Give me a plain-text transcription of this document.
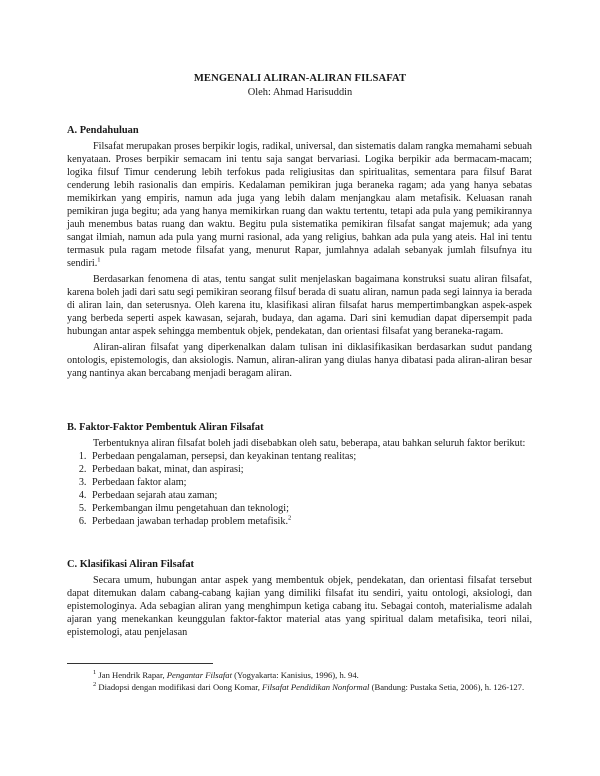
MENGENALI ALIRAN-ALIRAN FILSAFAT
Oleh: Ahmad Harisuddin
A. Pendahuluan

Filsafat merupakan proses berpikir logis, radikal, universal, dan sistematis dalam rangka memahami sebuah kenyataan. Proses berpikir semacam ini tentu saja sangat bervariasi. Logika berpikir ada bermacam-macam; logika filsuf Timur cenderung lebih terfokus pada religiusitas dan spiritualitas, sementara para filsuf Barat cenderung lebih rasionalis dan empiris. Kedalaman pemikiran juga beraneka ragam; ada yang hanya sebatas memikirkan yang empiris, namun ada juga yang lebih dalam menjangkau alam metafisik. Keluasan ranah pemikiran juga begitu; ada yang hanya memikirkan ruang dan waktu tertentu, tetapi ada pula yang pemikirannya jauh menembus batas ruang dan waktu. Begitu pula sistematika pemikiran filsafat sangat majemuk; ada yang sangat ilmiah, namun ada pula yang murni rasional, ada yang religius, bahkan ada pula yang ateis. Hal ini tentu termasuk pula ragam metode filsafat yang, menurut Rapar, jumlahnya adalah sebanyak jumlah filsufnya itu sendiri.$^1$

Berdasarkan fenomena di atas, tentu sangat sulit menjelaskan bagaimana konstruksi suatu aliran filsafat, karena boleh jadi dari satu segi pemikiran seorang filsuf berada di suatu aliran, namun pada segi lainnya ia berada di aliran lain, dan seterusnya. Oleh karena itu, klasifikasi aliran filsafat harus mempertimbangkan aspek-aspek yang berbeda seperti aspek kawasan, sejarah, budaya, dan agama. Dari sini kemudian dapat dipersempit pada hubungan antar aspek sehingga membentuk objek, pendekatan, dan orientasi filsafat yang beraneka-ragam.

Aliran-aliran filsafat yang diperkenalkan dalam tulisan ini diklasifikasikan berdasarkan sudut pandang ontologis, epistemologis, dan aksiologis. Namun, aliran-aliran yang diulas hanya dibatasi pada aliran-aliran besar yang nantinya akan bercabang menjadi beragam aliran.

B. Faktor-Faktor Pembentuk Aliran Filsafat

Terbentuknya aliran filsafat boleh jadi disebabkan oleh satu, beberapa, atau bahkan seluruh faktor berikut:

1. Perbedaan pengalaman, persepsi, dan keyakinan tentang realitas;
2. Perbedaan bakat, minat, dan aspirasi;
3. Perbedaan faktor alam;
4. Perbedaan sejarah atau zaman;
5. Perkembangan ilmu pengetahuan dan teknologi;
6. Perbedaan jawaban terhadap problem metafisik.$^2$
C. Klasifikasi Aliran Filsafat

Secara umum, hubungan antar aspek yang membentuk objek, pendekatan, dan orientasi filsafat tersebut dapat ditemukan dalam cabang-cabang kajian yang dimiliki filsafat itu sendiri, yaitu ontologi, aksiologi, dan epistemologinya. Ada sebagian aliran yang menghimpun ketiga cabang itu. Sebagai contoh, materialisme adalah ajaran yang menekankan keunggulan faktor-faktor material atas yang spiritual dalam metafisika, teori nilai, epistemologi, atau penjelasan

$^1$ Jan Hendrik Rapar, Pengantar Filsafat (Yogyakarta: Kanisius, 1996), h. 94.

$^2$ Diadopsi dengan modifikasi dari Oong Komar, Filsafat Pendidikan Nonformal (Bandung: Pustaka Setia, 2006), h. 126-127.
